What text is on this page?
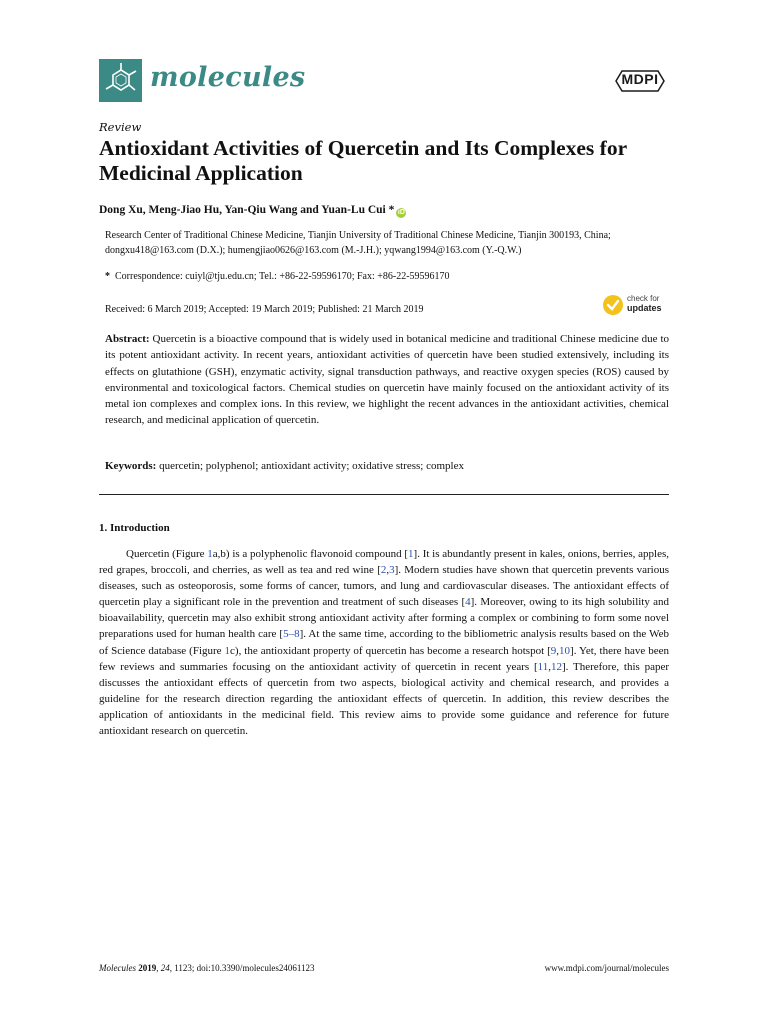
molecules	MDPI
Review
Antioxidant Activities of Quercetin and Its Complexes for Medicinal Application
Dong Xu, Meng-Jiao Hu, Yan-Qiu Wang and Yuan-Lu Cui * iD
Research Center of Traditional Chinese Medicine, Tianjin University of Traditional Chinese Medicine, Tianjin 300193, China; dongxu418@163.com (D.X.); humengjiao0626@163.com (M.-J.H.); yqwang1994@163.com (Y.-Q.W.)
* Correspondence: cuiyl@tju.edu.cn; Tel.: +86-22-59596170; Fax: +86-22-59596170
Received: 6 March 2019; Accepted: 19 March 2019; Published: 21 March 2019
check for
updates
Abstract: Quercetin is a bioactive compound that is widely used in botanical medicine and traditional Chinese medicine due to its potent antioxidant activity. In recent years, antioxidant activities of quercetin have been studied extensively, including its effects on glutathione (GSH), enzymatic activity, signal transduction pathways, and reactive oxygen species (ROS) caused by environmental and toxicological factors. Chemical studies on quercetin have mainly focused on the antioxidant activity of its metal ion complexes and complex ions. In this review, we highlight the recent advances in the antioxidant activities, chemical research, and medicinal application of quercetin.
Keywords: quercetin; polyphenol; antioxidant activity; oxidative stress; complex
1. Introduction
Quercetin (Figure 1a,b) is a polyphenolic flavonoid compound [1]. It is abundantly present in kales, onions, berries, apples, red grapes, broccoli, and cherries, as well as tea and red wine [2,3]. Modern studies have shown that quercetin prevents various diseases, such as osteoporosis, some forms of cancer, tumors, and lung and cardiovascular diseases. The antioxidant effects of quercetin play a significant role in the prevention and treatment of such diseases [4]. Moreover, owing to its high solubility and bioavailability, quercetin may also exhibit strong antioxidant activity after forming a complex or combining to form some novel preparations used for human health care [5–8]. At the same time, according to the bibliometric analysis results based on the Web of Science database (Figure 1c), the antioxidant property of quercetin has become a research hotspot [9,10]. Yet, there have been few reviews and summaries focusing on the antioxidant activity of quercetin in recent years [11,12]. Therefore, this paper discusses the antioxidant effects of quercetin from two aspects, biological activity and chemical research, and provides a guideline for the research direction regarding the antioxidant effects of quercetin. In addition, this review describes the application of antioxidants in the medicinal field. This review aims to provide some guidance and reference for future antioxidant research on quercetin.
Molecules 2019, 24, 1123; doi:10.3390/molecules24061123	www.mdpi.com/journal/molecules
